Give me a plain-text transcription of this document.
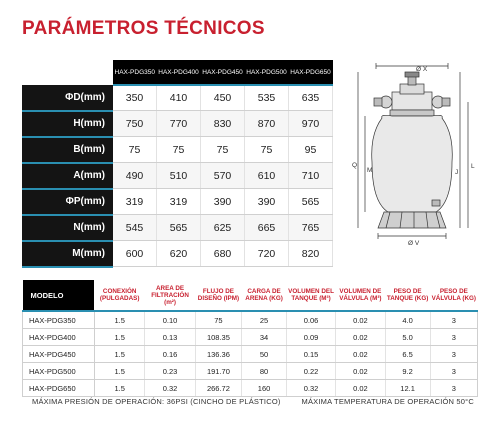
PARÁMETROS TÉCNICOS
	HAX-PDG350	HAX-PDG400	HAX-PDG450	HAX-PDG500	HAX-PDG650
ΦD(mm)	350	410	450	535	635
H(mm)	750	770	830	870	970
B(mm)	75	75	75	75	95
A(mm)	490	510	570	610	710
ΦP(mm)	319	319	390	390	565
N(mm)	545	565	625	665	765
M(mm)	600	620	680	720	820
Ø X
Ø V
Q
M	J
L
MODELO	CONEXIÓN (PULGADAS)	AREA DE FILTRACIÓN (m²)	FLUJO DE DISEÑO (IPM)	CARGA DE ARENA (KG)	VOLUMEN DEL TANQUE (M³)	VOLUMEN DE VÁLVULA (M³)	PESO DE TANQUE (KG)	PESO DE VÁLVULA (KG)
HAX-PDG350	1.5	0.10	75	25	0.06	0.02	4.0	3
HAX-PDG400	1.5	0.13	108.35	34	0.09	0.02	5.0	3
HAX-PDG450	1.5	0.16	136.36	50	0.15	0.02	6.5	3
HAX-PDG500	1.5	0.23	191.70	80	0.22	0.02	9.2	3
HAX-PDG650	1.5	0.32	266.72	160	0.32	0.02	12.1	3
MÁXIMA PRESIÓN DE OPERACIÓN: 36PSI (CINCHO DE PLÁSTICO)	MÁXIMA TEMPERATURA DE OPERACIÓN 50°C
